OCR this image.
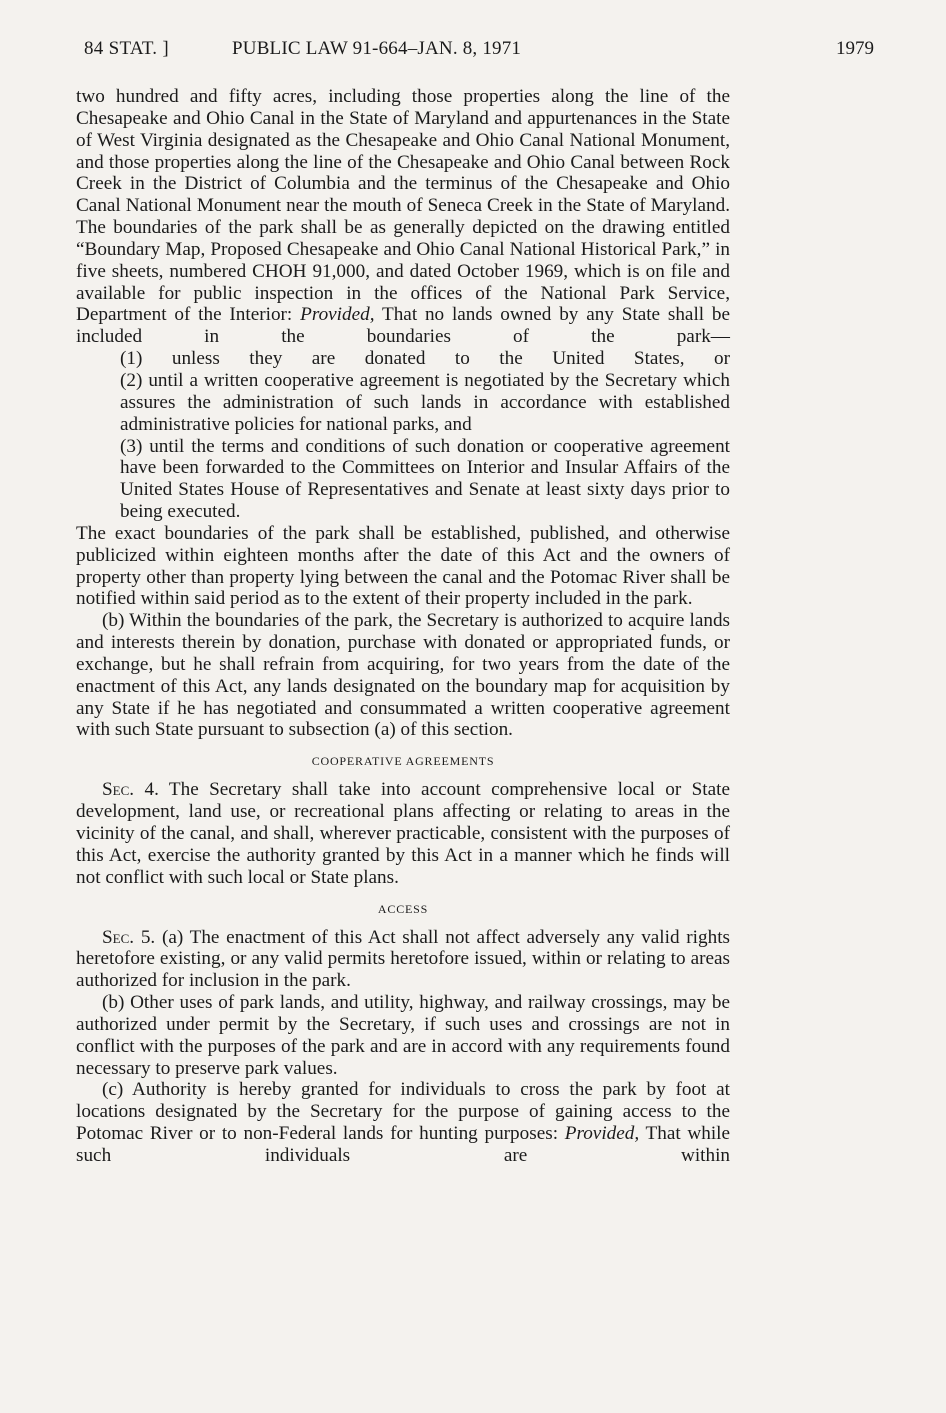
84 STAT. ]	PUBLIC LAW 91-664–JAN. 8, 1971	1979

two hundred and fifty acres, including those properties along the line of the Chesapeake and Ohio Canal in the State of Maryland and appurtenances in the State of West Virginia designated as the Chesapeake and Ohio Canal National Monument, and those properties along the line of the Chesapeake and Ohio Canal between Rock Creek in the District of Columbia and the terminus of the Chesapeake and Ohio Canal National Monument near the mouth of Seneca Creek in the State of Maryland. The boundaries of the park shall be as generally depicted on the drawing entitled “Boundary Map, Proposed Chesapeake and Ohio Canal National Historical Park,” in five sheets, numbered CHOH 91,000, and dated October 1969, which is on file and available for public inspection in the offices of the National Park Service, Department of the Interior: Provided, That no lands owned by any State shall be included in the boundaries of the park—

(1) unless they are donated to the United States, or

(2) until a written cooperative agreement is negotiated by the Secretary which assures the administration of such lands in accordance with established administrative policies for national parks, and

(3) until the terms and conditions of such donation or cooperative agreement have been forwarded to the Committees on Interior and Insular Affairs of the United States House of Representatives and Senate at least sixty days prior to being executed.

The exact boundaries of the park shall be established, published, and otherwise publicized within eighteen months after the date of this Act and the owners of property other than property lying between the canal and the Potomac River shall be notified within said period as to the extent of their property included in the park.

(b) Within the boundaries of the park, the Secretary is authorized to acquire lands and interests therein by donation, purchase with donated or appropriated funds, or exchange, but he shall refrain from acquiring, for two years from the date of the enactment of this Act, any lands designated on the boundary map for acquisition by any State if he has negotiated and consummated a written cooperative agreement with such State pursuant to subsection (a) of this section.

COOPERATIVE AGREEMENTS

Sec. 4. The Secretary shall take into account comprehensive local or State development, land use, or recreational plans affecting or relating to areas in the vicinity of the canal, and shall, wherever practicable, consistent with the purposes of this Act, exercise the authority granted by this Act in a manner which he finds will not conflict with such local or State plans.

ACCESS

Sec. 5. (a) The enactment of this Act shall not affect adversely any valid rights heretofore existing, or any valid permits heretofore issued, within or relating to areas authorized for inclusion in the park.

(b) Other uses of park lands, and utility, highway, and railway crossings, may be authorized under permit by the Secretary, if such uses and crossings are not in conflict with the purposes of the park and are in accord with any requirements found necessary to preserve park values.

(c) Authority is hereby granted for individuals to cross the park by foot at locations designated by the Secretary for the purpose of gaining access to the Potomac River or to non-Federal lands for hunting purposes: Provided, That while such individuals are within
